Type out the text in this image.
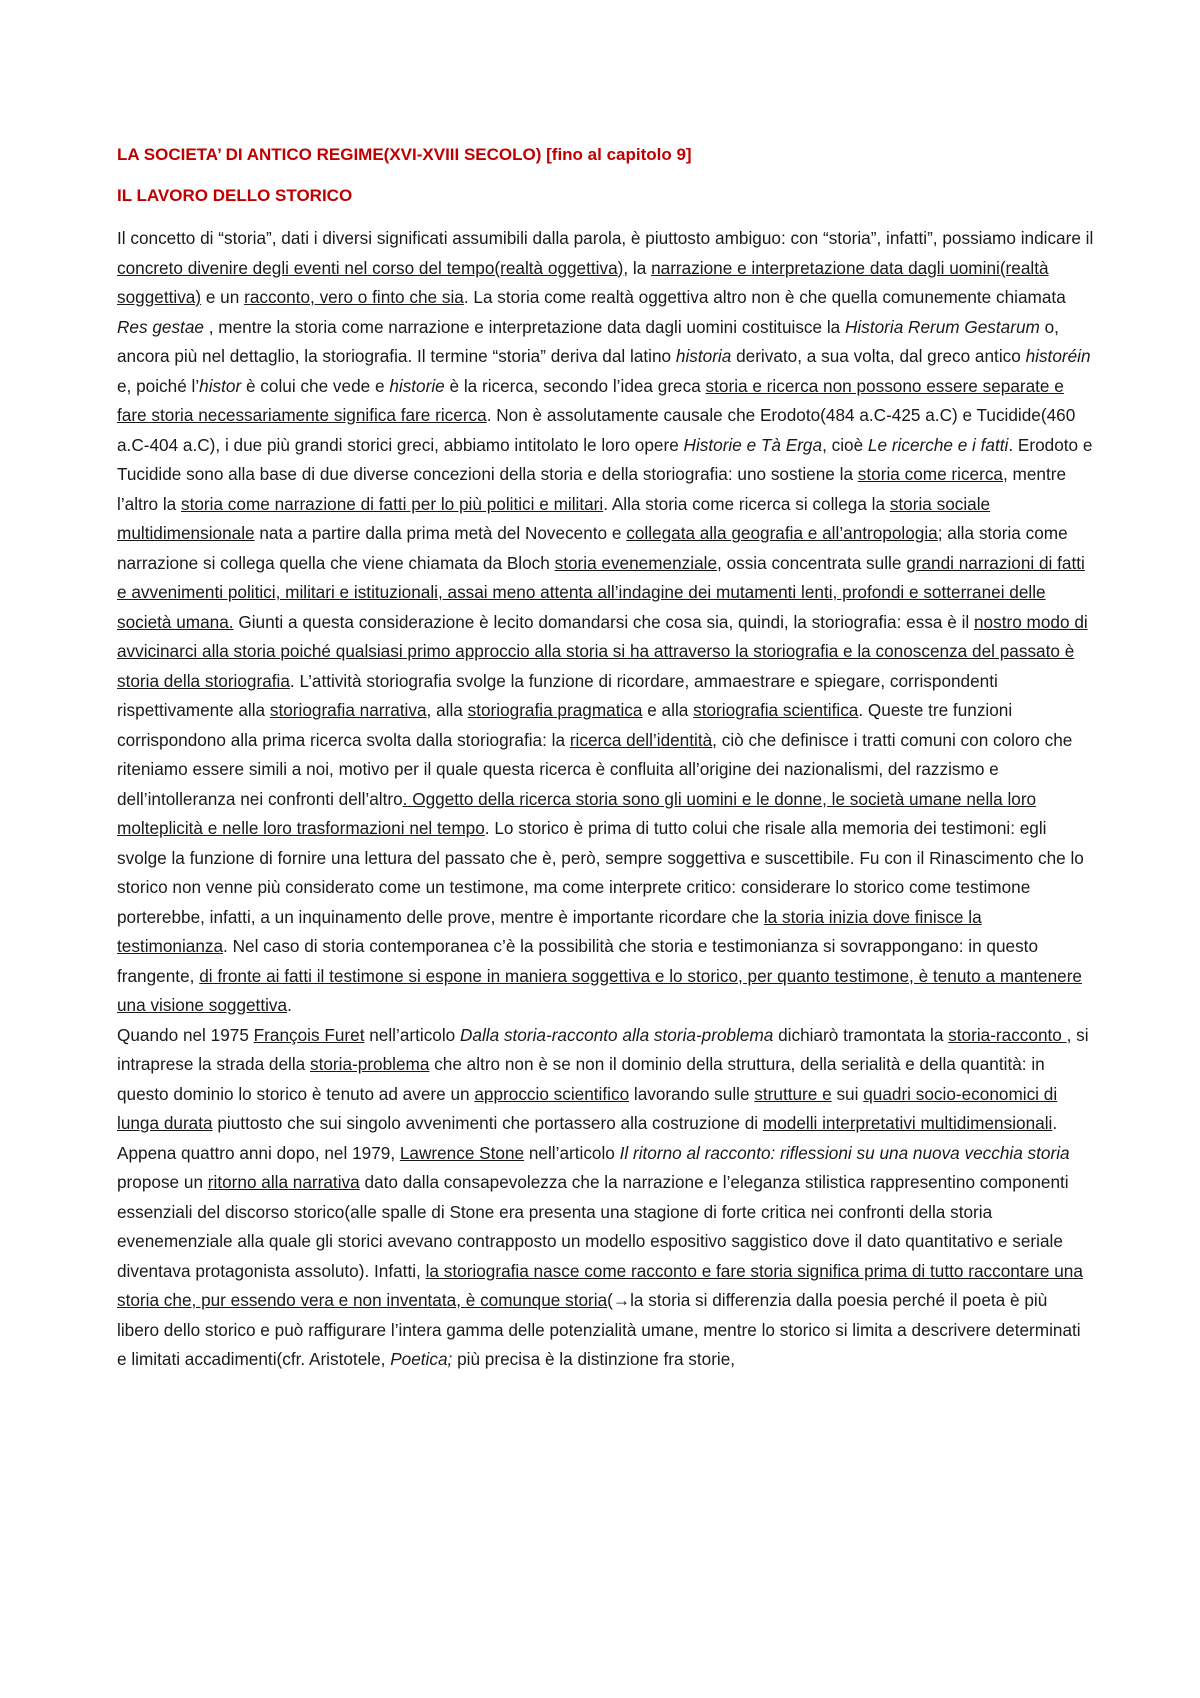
LA SOCIETA’ DI ANTICO REGIME(XVI-XVIII SECOLO) [fino al capitolo 9]

IL LAVORO DELLO STORICO

Il concetto di “storia”, dati i diversi significati assumibili dalla parola, è piuttosto ambiguo: con “storia”, infatti”, possiamo indicare il concreto divenire degli eventi nel corso del tempo(realtà oggettiva), la narrazione e interpretazione data dagli uomini(realtà soggettiva) e un racconto, vero o finto che sia. La storia come realtà oggettiva altro non è che quella comunemente chiamata Res gestae , mentre la storia come narrazione e interpretazione data dagli uomini costituisce la Historia Rerum Gestarum o, ancora più nel dettaglio, la storiografia. Il termine “storia” deriva dal latino historia derivato, a sua volta, dal greco antico historéin e, poiché l’histor è colui che vede e historie è la ricerca, secondo l’idea greca storia e ricerca non possono essere separate e fare storia necessariamente significa fare ricerca. Non è assolutamente causale che Erodoto(484 a.C-425 a.C) e Tucidide(460 a.C-404 a.C), i due più grandi storici greci, abbiamo intitolato le loro opere Historie e Tà Erga, cioè Le ricerche e i fatti. Erodoto e Tucidide sono alla base di due diverse concezioni della storia e della storiografia: uno sostiene la storia come ricerca, mentre l’altro la storia come narrazione di fatti per lo più politici e militari. Alla storia come ricerca si collega la storia sociale multidimensionale nata a partire dalla prima metà del Novecento e collegata alla geografia e all’antropologia; alla storia come narrazione si collega quella che viene chiamata da Bloch storia evenemenziale, ossia concentrata sulle grandi narrazioni di fatti e avvenimenti politici, militari e istituzionali, assai meno attenta all’indagine dei mutamenti lenti, profondi e sotterranei delle società umana. Giunti a questa considerazione è lecito domandarsi che cosa sia, quindi, la storiografia: essa è il nostro modo di avvicinarci alla storia poiché qualsiasi primo approccio alla storia si ha attraverso la storiografia e la conoscenza del passato è storia della storiografia. L’attività storiografia svolge la funzione di ricordare, ammaestrare e spiegare, corrispondenti rispettivamente alla storiografia narrativa, alla storiografia pragmatica e alla storiografia scientifica. Queste tre funzioni corrispondono alla prima ricerca svolta dalla storiografia: la ricerca dell’identità, ciò che definisce i tratti comuni con coloro che riteniamo essere simili a noi, motivo per il quale questa ricerca è confluita all’origine dei nazionalismi, del razzismo e dell’intolleranza nei confronti dell’altro. Oggetto della ricerca storia sono gli uomini e le donne, le società umane nella loro molteplicità e nelle loro trasformazioni nel tempo. Lo storico è prima di tutto colui che risale alla memoria dei testimoni: egli svolge la funzione di fornire una lettura del passato che è, però, sempre soggettiva e suscettibile. Fu con il Rinascimento che lo storico non venne più considerato come un testimone, ma come interprete critico: considerare lo storico come testimone porterebbe, infatti, a un inquinamento delle prove, mentre è importante ricordare che la storia inizia dove finisce la testimonianza. Nel caso di storia contemporanea c’è la possibilità che storia e testimonianza si sovrappongano: in questo frangente, di fronte ai fatti il testimone si espone in maniera soggettiva e lo storico, per quanto testimone, è tenuto a mantenere una visione soggettiva.

Quando nel 1975 François Furet nell’articolo Dalla storia-racconto alla storia-problema dichiarò tramontata la storia-racconto , si intraprese la strada della storia-problema che altro non è se non il dominio della struttura, della serialità e della quantità: in questo dominio lo storico è tenuto ad avere un approccio scientifico lavorando sulle strutture e sui quadri socio-economici di lunga durata piuttosto che sui singolo avvenimenti che portassero alla costruzione di modelli interpretativi multidimensionali. Appena quattro anni dopo, nel 1979, Lawrence Stone nell’articolo Il ritorno al racconto: riflessioni su una nuova vecchia storia propose un ritorno alla narrativa dato dalla consapevolezza che la narrazione e l’eleganza stilistica rappresentino componenti essenziali del discorso storico(alle spalle di Stone era presenta una stagione di forte critica nei confronti della storia evenemenziale alla quale gli storici avevano contrapposto un modello espositivo saggistico dove il dato quantitativo e seriale diventava protagonista assoluto). Infatti, la storiografia nasce come racconto e fare storia significa prima di tutto raccontare una storia che, pur essendo vera e non inventata, è comunque storia(→la storia si differenzia dalla poesia perché il poeta è più libero dello storico e può raffigurare l’intera gamma delle potenzialità umane, mentre lo storico si limita a descrivere determinati e limitati accadimenti(cfr. Aristotele, Poetica; più precisa è la distinzione fra storie,
